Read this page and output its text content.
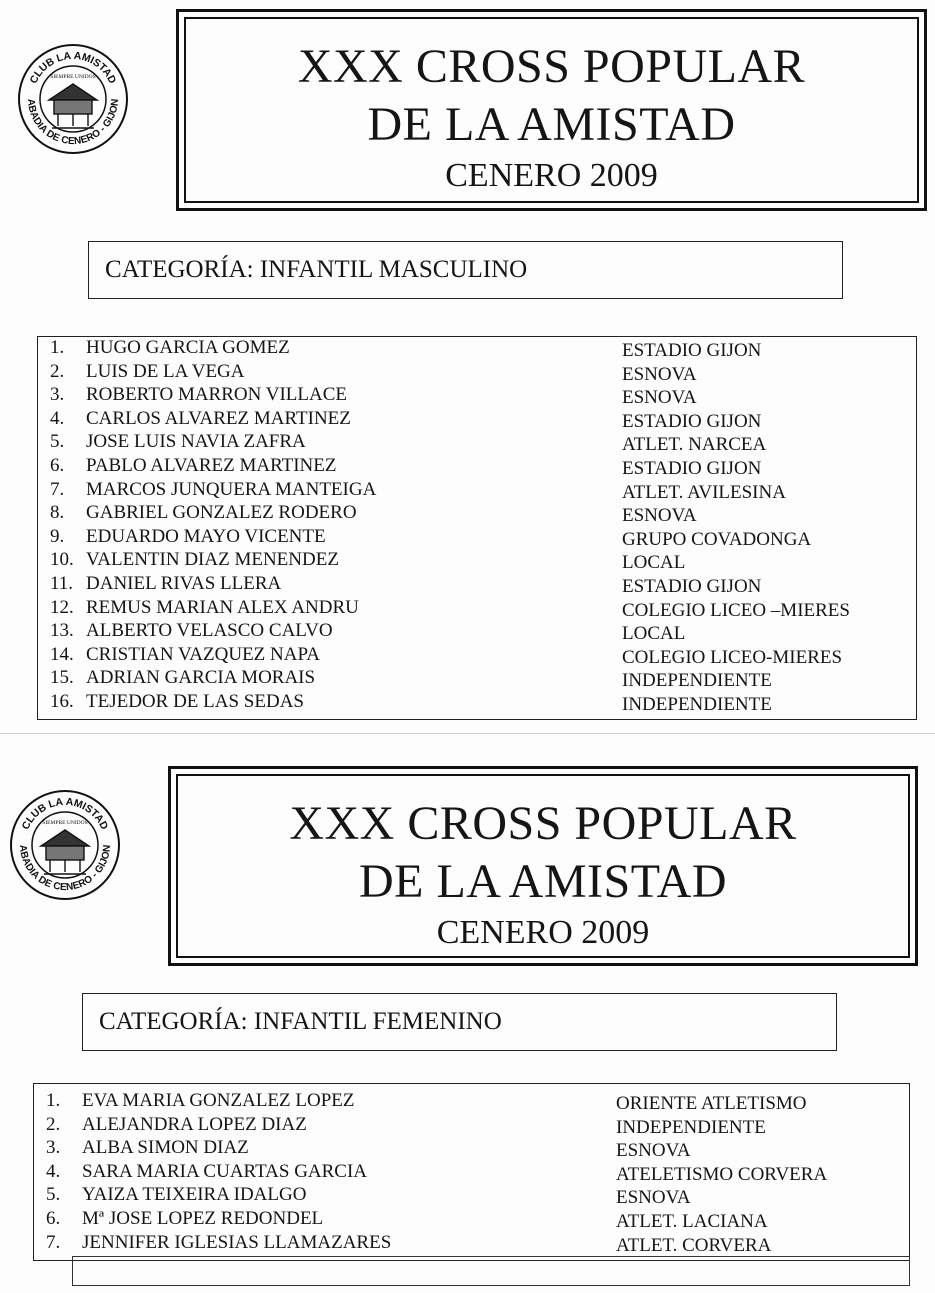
CLUB LA AMISTAD
ABADIA DE CENERO - GIJON
SIEMPRE UNIDOS	XXX CROSS POPULAR
DE LA AMISTAD
CENERO 2009
CATEGORÍA: INFANTIL MASCULINO
1. HUGO GARCIA GOMEZ	ESTADIO GIJON
2. LUIS DE LA VEGA	ESNOVA
3. ROBERTO MARRON VILLACE	ESNOVA
4. CARLOS ALVAREZ MARTINEZ	ESTADIO GIJON
5. JOSE LUIS NAVIA ZAFRA	ATLET. NARCEA
6. PABLO ALVAREZ MARTINEZ	ESTADIO GIJON
7. MARCOS JUNQUERA MANTEIGA	ATLET. AVILESINA
8. GABRIEL GONZALEZ RODERO	ESNOVA
9. EDUARDO MAYO VICENTE	GRUPO COVADONGA
10. VALENTIN DIAZ MENENDEZ	LOCAL
11. DANIEL RIVAS LLERA	ESTADIO GIJON
12. REMUS MARIAN ALEX ANDRU	COLEGIO LICEO –MIERES
13. ALBERTO VELASCO CALVO	LOCAL
14. CRISTIAN VAZQUEZ NAPA	COLEGIO LICEO-MIERES
15. ADRIAN GARCIA MORAIS	INDEPENDIENTE
16. TEJEDOR DE LAS SEDAS	INDEPENDIENTE
CLUB LA AMISTAD
ABADIA DE CENERO - GIJON
SIEMPRE UNIDOS	XXX CROSS POPULAR
DE LA AMISTAD
CENERO 2009
CATEGORÍA: INFANTIL FEMENINO
1. EVA MARIA GONZALEZ LOPEZ	ORIENTE ATLETISMO
2. ALEJANDRA LOPEZ DIAZ	INDEPENDIENTE
3. ALBA SIMON DIAZ	ESNOVA
4. SARA MARIA CUARTAS GARCIA	ATELETISMO CORVERA
5. YAIZA TEIXEIRA IDALGO	ESNOVA
6. Mª JOSE LOPEZ REDONDEL	ATLET. LACIANA
7. JENNIFER IGLESIAS LLAMAZARES	ATLET. CORVERA
